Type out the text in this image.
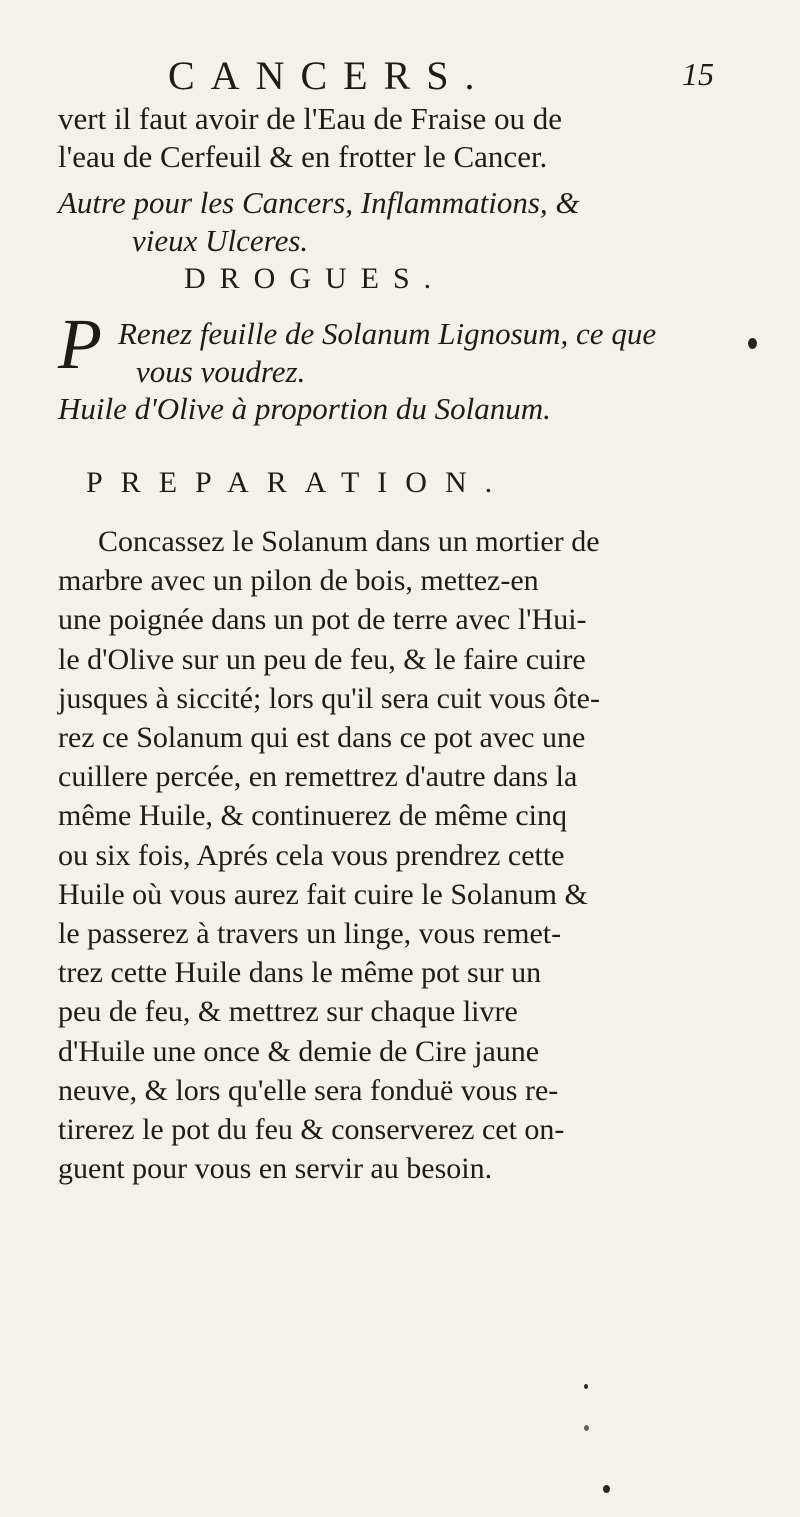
CANCERS.	15
vert il faut avoir de l'Eau de Fraise ou de
l'eau de Cerfeuil & en frotter le Cancer.
Autre pour les Cancers, Inflammations, &
vieux Ulceres.
DROGUES.
P Renez feuille de Solanum Lignosum, ce que
vous voudrez.
Huile d'Olive à proportion du Solanum.
PREPARATION.
Concassez le Solanum dans un mortier de
marbre avec un pilon de bois, mettez-en
une poignée dans un pot de terre avec l'Hui-
le d'Olive sur un peu de feu, & le faire cuire
jusques à siccité; lors qu'il sera cuit vous ôte-
rez ce Solanum qui est dans ce pot avec une
cuillere percée, en remettrez d'autre dans la
même Huile, & continuerez de même cinq
ou six fois, Aprés cela vous prendrez cette
Huile où vous aurez fait cuire le Solanum &
le passerez à travers un linge, vous remet-
trez cette Huile dans le même pot sur un
peu de feu, & mettrez sur chaque livre
d'Huile une once & demie de Cire jaune
neuve, & lors qu'elle sera fonduë vous re-
tirerez le pot du feu & conserverez cet on-
guent pour vous en servir au besoin.
